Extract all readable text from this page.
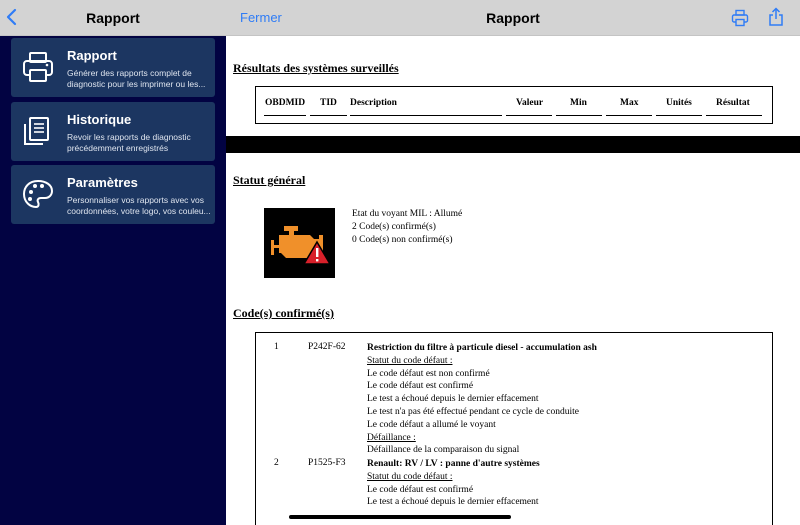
Rapport
Rapport
Générer des rapports complet de diagnostic pour les imprimer ou les...
Historique
Revoir les rapports de diagnostic précédemment enregistrés
Paramètres
Personnaliser vos rapports avec vos coordonnées, votre logo, vos couleu...
Fermer	Rapport
Résultats des systèmes surveillés
OBDMID TID Description	Valeur	Min	Max	Unités	Résultat
Statut général
Etat du voyant MIL : Allumé
2 Code(s) confirmé(s)
0 Code(s) non confirmé(s)
Code(s) confirmé(s)
1	P242F-62 Restriction du filtre à particule diesel - accumulation ash
Statut du code défaut :
Le code défaut est non confirmé
Le code défaut est confirmé
Le test a échoué depuis le dernier effacement
Le test n'a pas été effectué pendant ce cycle de conduite
Le code défaut a allumé le voyant
Défaillance :
Défaillance de la comparaison du signal
2	P1525-F3 Renault: RV / LV : panne d'autre systèmes
Statut du code défaut :
Le code défaut est confirmé
Le test a échoué depuis le dernier effacement
